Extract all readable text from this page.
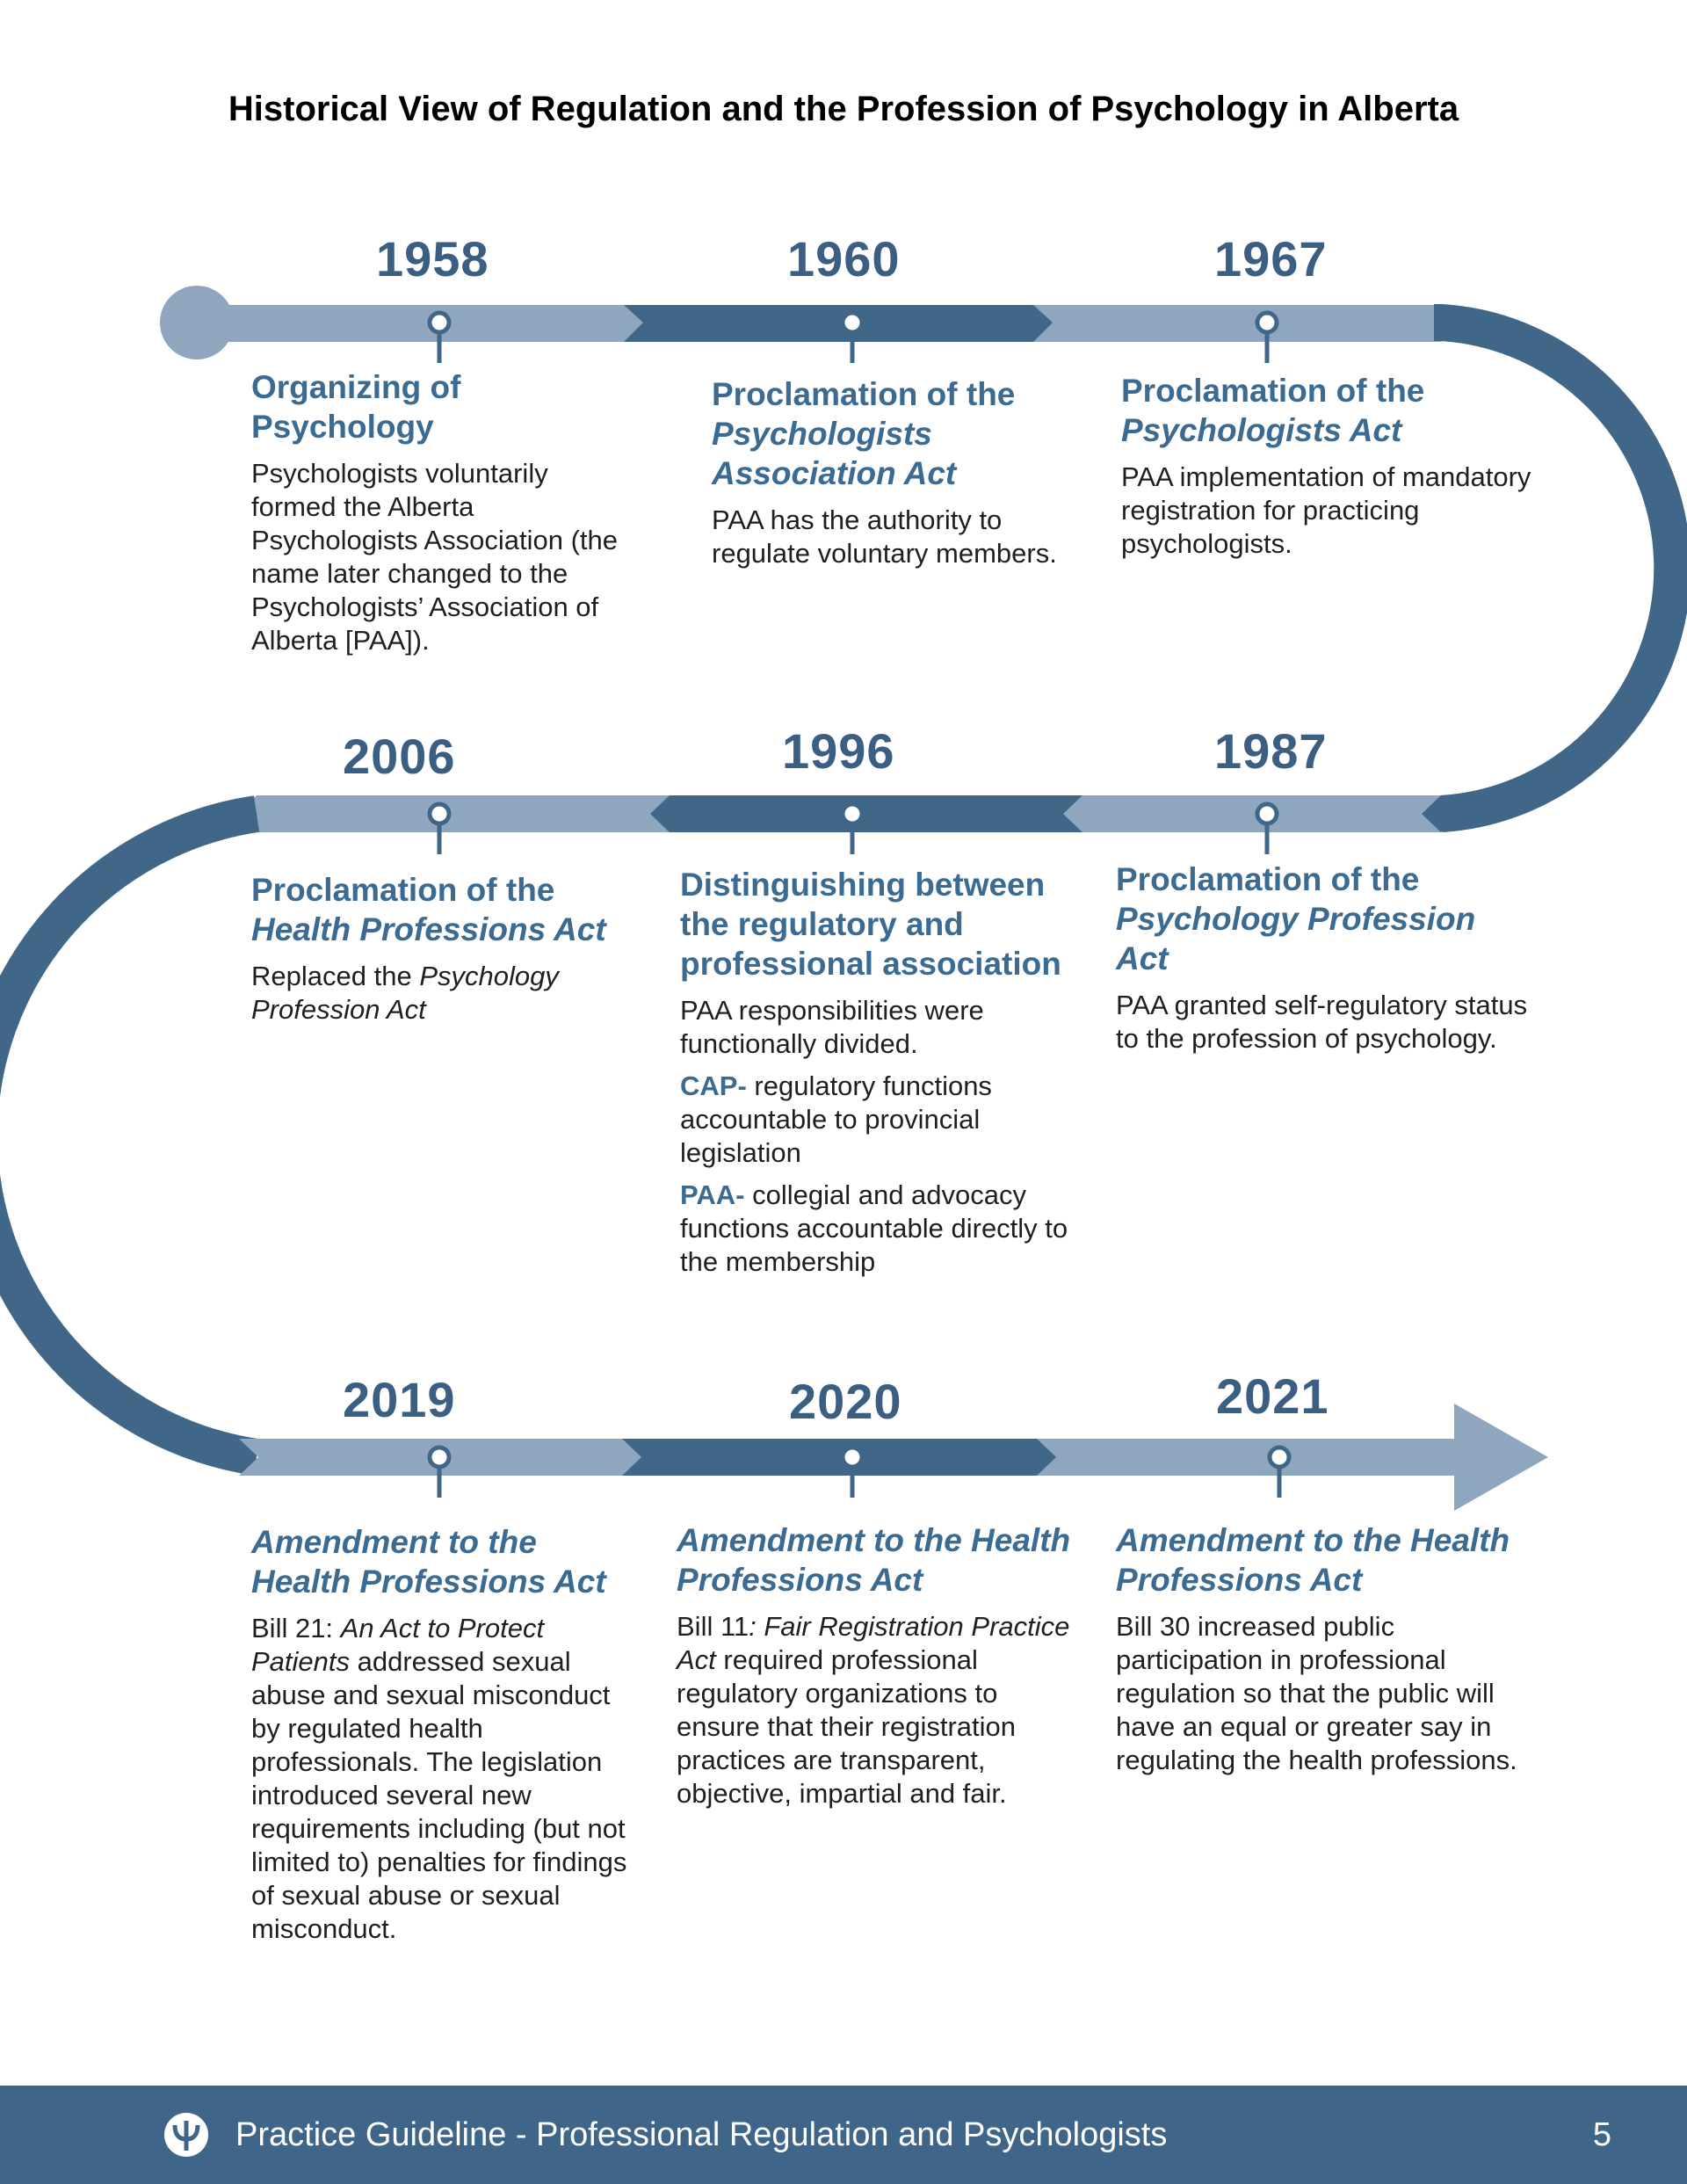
Historical View of Regulation and the Profession of Psychology in Alberta
1958
Organizing of Psychology

Psychologists voluntarily formed the Alberta Psychologists Association (the name later changed to the Psychologists’ Association of Alberta [PAA]).

1960
Proclamation of the Psychologists Association Act

PAA has the authority to regulate voluntary members.

1967
Proclamation of the Psychologists Act

PAA implementation of mandatory registration for practicing psychologists.

1987
Proclamation of the Psychology Profession Act

PAA granted self-regulatory status to the profession of psychology.

1996
Distinguishing between the regulatory and professional association

PAA responsibilities were functionally divided.

CAP- regulatory functions accountable to provincial legislation

PAA- collegial and advocacy functions accountable directly to the membership

2006
Proclamation of the Health Professions Act

Replaced the Psychology Profession Act

2019
Amendment to the Health Professions Act

Bill 21: An Act to Protect Patients addressed sexual abuse and sexual misconduct by regulated health professionals. The legislation introduced several new requirements including (but not limited to) penalties for findings of sexual abuse or sexual misconduct.

2020
Amendment to the Health Professions Act

Bill 11: Fair Registration Practice Act required professional regulatory organizations to ensure that their registration practices are transparent, objective, impartial and fair.

2021
Amendment to the Health Professions Act

Bill 30 increased public participation in professional regulation so that the public will have an equal or greater say in regulating the health professions.

Practice Guideline - Professional Regulation and Psychologists	5
